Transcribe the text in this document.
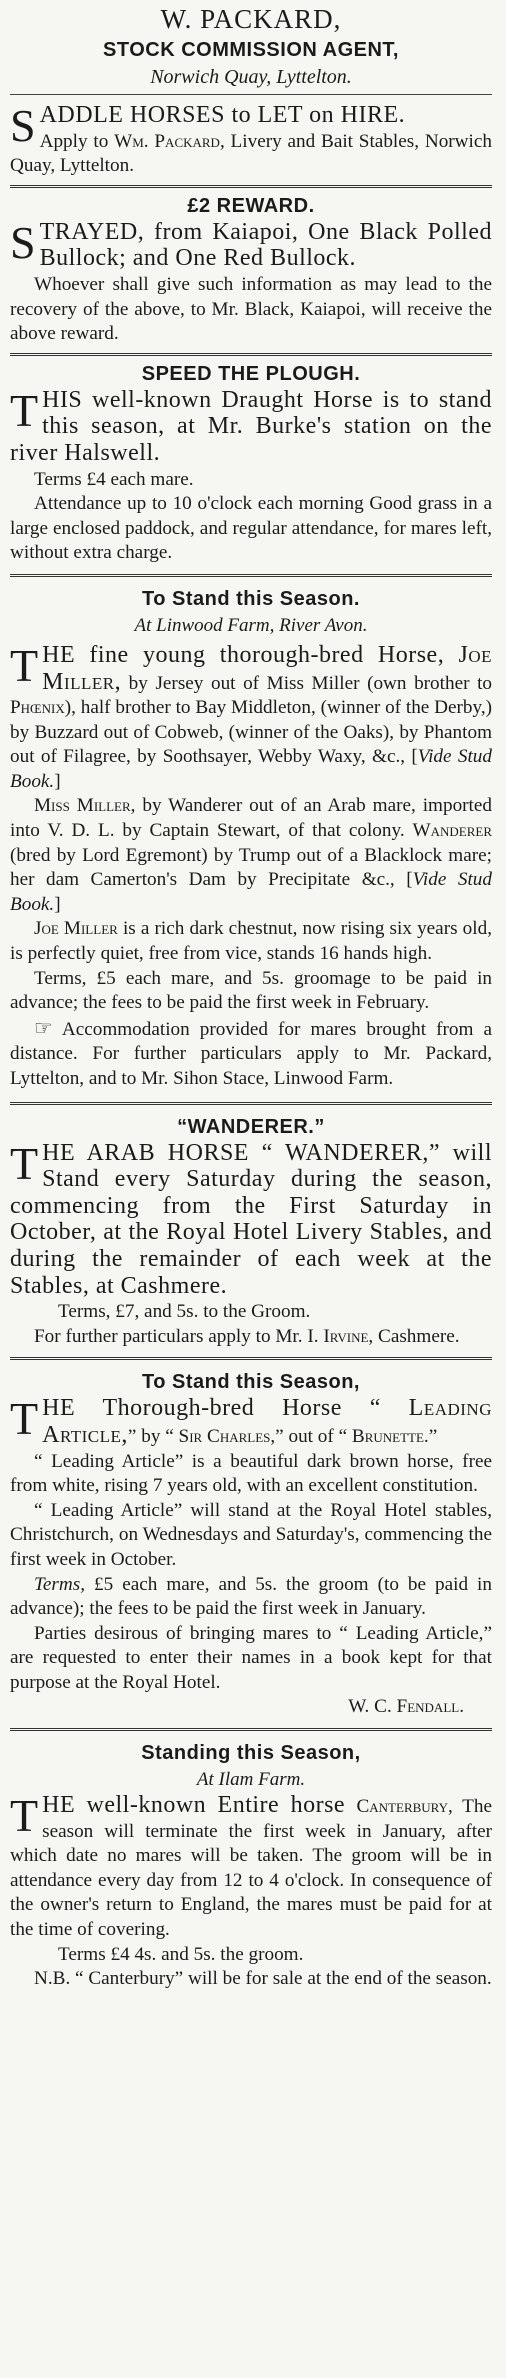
W. PACKARD,
STOCK COMMISSION AGENT,
Norwich Quay, Lyttelton.

SADDLE HORSES to LET on HIRE.
Apply to Wm. Packard, Livery and Bait Stables, Norwich Quay, Lyttelton.

£2 REWARD.

STRAYED, from Kaiapoi, One Black Polled Bullock; and One Red Bullock.

Whoever shall give such information as may lead to the recovery of the above, to Mr. Black, Kaiapoi, will receive the above reward.

SPEED THE PLOUGH.

THIS well-known Draught Horse is to stand this season, at Mr. Burke's station on the river Halswell.

Terms £4 each mare.

Attendance up to 10 o'clock each morning Good grass in a large enclosed paddock, and regular attendance, for mares left, without extra charge.

To Stand this Season.
At Linwood Farm, River Avon.

THE fine young thorough-bred Horse, Joe Miller, by Jersey out of Miss Miller (own brother to Phœnix), half brother to Bay Middleton, (winner of the Derby,) by Buzzard out of Cobweb, (winner of the Oaks), by Phantom out of Filagree, by Soothsayer, Webby Waxy, &c., [Vide Stud Book.]

Miss Miller, by Wanderer out of an Arab mare, imported into V. D. L. by Captain Stewart, of that colony. Wanderer (bred by Lord Egremont) by Trump out of a Blacklock mare; her dam Camerton's Dam by Precipitate &c., [Vide Stud Book.]

Joe Miller is a rich dark chestnut, now rising six years old, is perfectly quiet, free from vice, stands 16 hands high.

Terms, £5 each mare, and 5s. groomage to be paid in advance; the fees to be paid the first week in February.

☞ Accommodation provided for mares brought from a distance. For further particulars apply to Mr. Packard, Lyttelton, and to Mr. Sihon Stace, Linwood Farm.

“WANDERER.”

THE ARAB HORSE “ WANDERER,” will Stand every Saturday during the season, commencing from the First Saturday in October, at the Royal Hotel Livery Stables, and during the remainder of each week at the Stables, at Cashmere.

Terms, £7, and 5s. to the Groom.

For further particulars apply to Mr. I. Irvine, Cashmere.

To Stand this Season,

THE Thorough-bred Horse “ Leading Article,” by “ Sir Charles,” out of “ Brunette.”

“ Leading Article” is a beautiful dark brown horse, free from white, rising 7 years old, with an excellent constitution.

“ Leading Article” will stand at the Royal Hotel stables, Christchurch, on Wednesdays and Saturday's, commencing the first week in October.

Terms, £5 each mare, and 5s. the groom (to be paid in advance); the fees to be paid the first week in January.

Parties desirous of bringing mares to “ Leading Article,” are requested to enter their names in a book kept for that purpose at the Royal Hotel.

W. C. Fendall.

Standing this Season,
At Ilam Farm.

THE well-known Entire horse Canterbury, The season will terminate the first week in January, after which date no mares will be taken. The groom will be in attendance every day from 12 to 4 o'clock. In consequence of the owner's return to England, the mares must be paid for at the time of covering.

Terms £4 4s. and 5s. the groom.

N.B. “ Canterbury” will be for sale at the end of the season.
